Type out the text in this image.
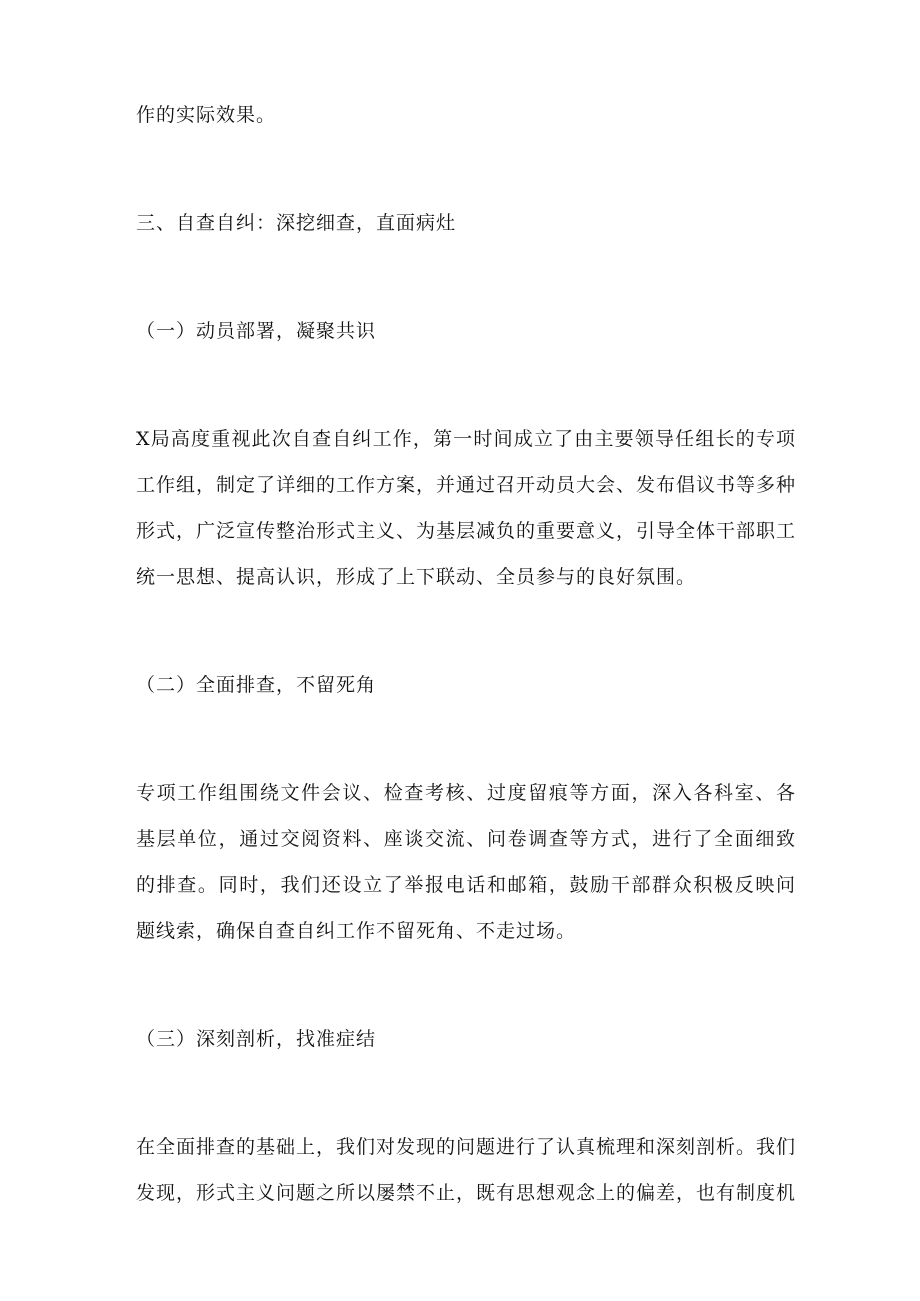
作的实际效果。
三、自查自纠：深挖细查，直面病灶
（一）动员部署，凝聚共识
X局高度重视此次自查自纠工作，第一时间成立了由主要领导任组长的专项
工作组，制定了详细的工作方案，并通过召开动员大会、发布倡议书等多种
形式，广泛宣传整治形式主义、为基层减负的重要意义，引导全体干部职工
统一思想、提高认识，形成了上下联动、全员参与的良好氛围。
（二）全面排查，不留死角
专项工作组围绕文件会议、检查考核、过度留痕等方面，深入各科室、各
基层单位，通过交阅资料、座谈交流、问卷调查等方式，进行了全面细致
的排查。同时，我们还设立了举报电话和邮箱，鼓励干部群众积极反映问
题线索，确保自查自纠工作不留死角、不走过场。
（三）深刻剖析，找准症结
在全面排查的基础上，我们对发现的问题进行了认真梳理和深刻剖析。我们
发现，形式主义问题之所以屡禁不止，既有思想观念上的偏差，也有制度机
